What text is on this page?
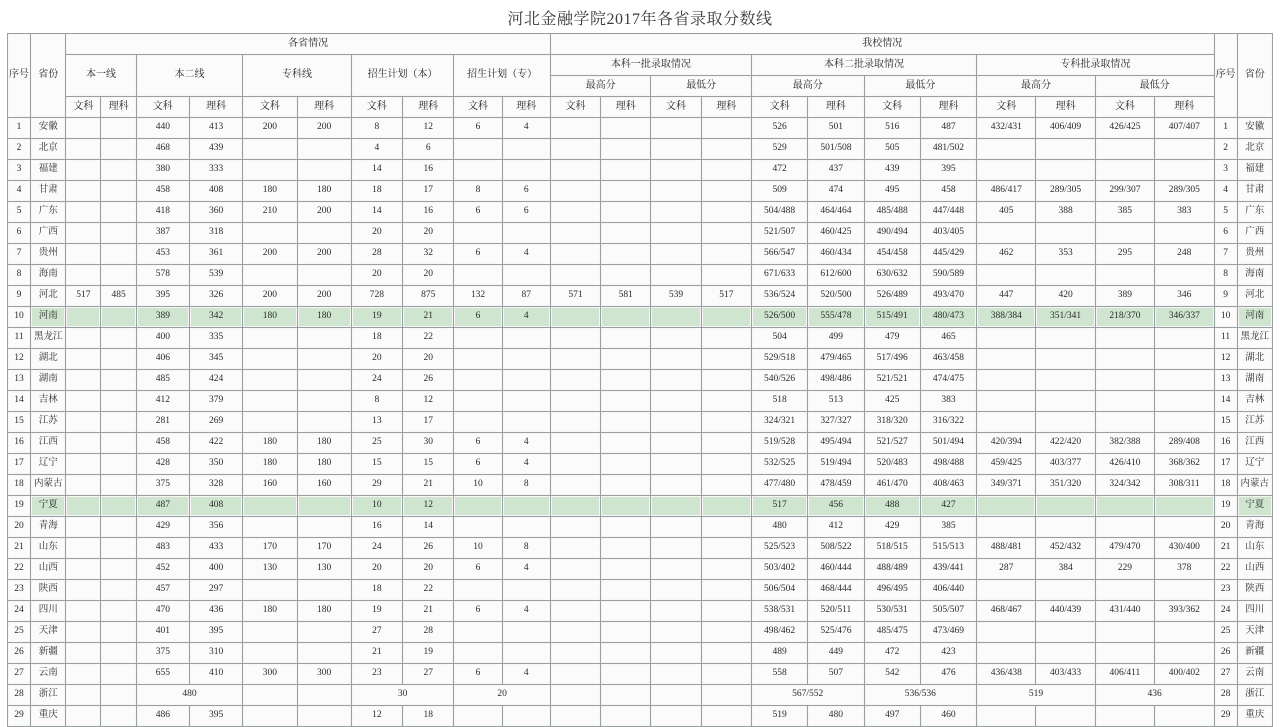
河北金融学院2017年各省录取分数线
序号	省份	各省情况										我校情况												序号	省份
		本一线		本二线		专科线		招生计划（本）		招生计划（专）		本科一批录取情况				本科二批录取情况				专科批录取情况					
												最高分		最低分		最高分		最低分		最高分		最低分			
		文科	理科	文科	理科	文科	理科	文科	理科	文科	理科	文科	理科	文科	理科	文科	理科	文科	理科	文科	理科	文科	理科		
1	安徽			440	413	200	200	8	12	6	4					526	501	516	487	432/431	406/409	426/425	407/407	1	安徽
2	北京			468	439			4	6							529	501/508	505	481/502					2	北京
3	福建			380	333			14	16							472	437	439	395					3	福建
4	甘肃			458	408	180	180	18	17	8	6					509	474	495	458	486/417	289/305	299/307	289/305	4	甘肃
5	广东			418	360	210	200	14	16	6	6					504/488	464/464	485/488	447/448	405	388	385	383	5	广东
6	广西			387	318			20	20							521/507	460/425	490/494	403/405					6	广西
7	贵州			453	361	200	200	28	32	6	4					566/547	460/434	454/458	445/429	462	353	295	248	7	贵州
8	海南			578	539			20	20							671/633	612/600	630/632	590/589					8	海南
9	河北	517	485	395	326	200	200	728	875	132	87	571	581	539	517	536/524	520/500	526/489	493/470	447	420	389	346	9	河北
10	河南			389	342	180	180	19	21	6	4					526/500	555/478	515/491	480/473	388/384	351/341	218/370	346/337	10	河南
11	黑龙江			400	335			18	22							504	499	479	465					11	黑龙江
12	湖北			406	345			20	20							529/518	479/465	517/496	463/458					12	湖北
13	湖南			485	424			24	26							540/526	498/486	521/521	474/475					13	湖南
14	吉林			412	379			8	12							518	513	425	383					14	吉林
15	江苏			281	269			13	17							324/321	327/327	318/320	316/322					15	江苏
16	江西			458	422	180	180	25	30	6	4					519/528	495/494	521/527	501/494	420/394	422/420	382/388	289/408	16	江西
17	辽宁			428	350	180	180	15	15	6	4					532/525	519/494	520/483	498/488	459/425	403/377	426/410	368/362	17	辽宁
18	内蒙古			375	328	160	160	29	21	10	8					477/480	478/459	461/470	408/463	349/371	351/320	324/342	308/311	18	内蒙古
19	宁夏			487	408			10	12							517	456	488	427					19	宁夏
20	青海			429	356			16	14							480	412	429	385					20	青海
21	山东			483	433	170	170	24	26	10	8					525/523	508/522	518/515	515/513	488/481	452/432	479/470	430/400	21	山东
22	山西			452	400	130	130	20	20	6	4					503/402	460/444	488/489	439/441	287	384	229	378	22	山西
23	陕西			457	297			18	22							506/504	468/444	496/495	406/440					23	陕西
24	四川			470	436	180	180	19	21	6	4					538/531	520/511	530/531	505/507	468/467	440/439	431/440	393/362	24	四川
25	天津			401	395			27	28							498/462	525/476	485/475	473/469					25	天津
26	新疆			375	310			21	19							489	449	472	423					26	新疆
27	云南			655	410	300	300	23	27	6	4					558	507	542	476	436/438	403/433	406/411	400/402	27	云南
28	浙江			480				30		20						567/552		536/536		519		436		28	浙江
29	重庆			486	395			12	18							519	480	497	460					29	重庆
